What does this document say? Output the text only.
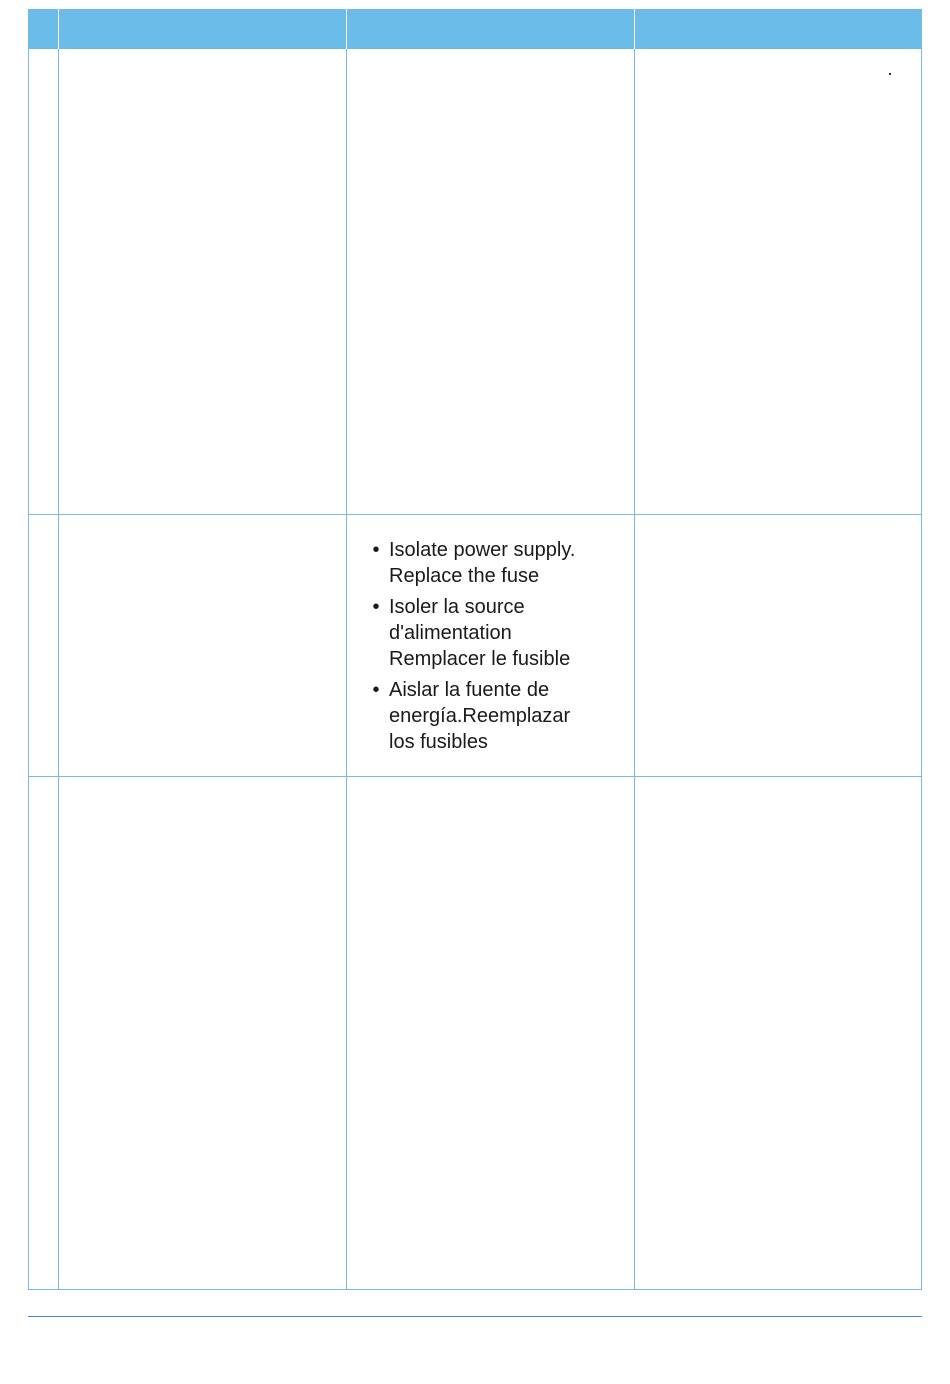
• Isolate power supply.
Replace the fuse
• Isoler la source
d'alimentation
Remplacer le fusible
• Aislar la fuente de
energía.Reemplazar
los fusibles
